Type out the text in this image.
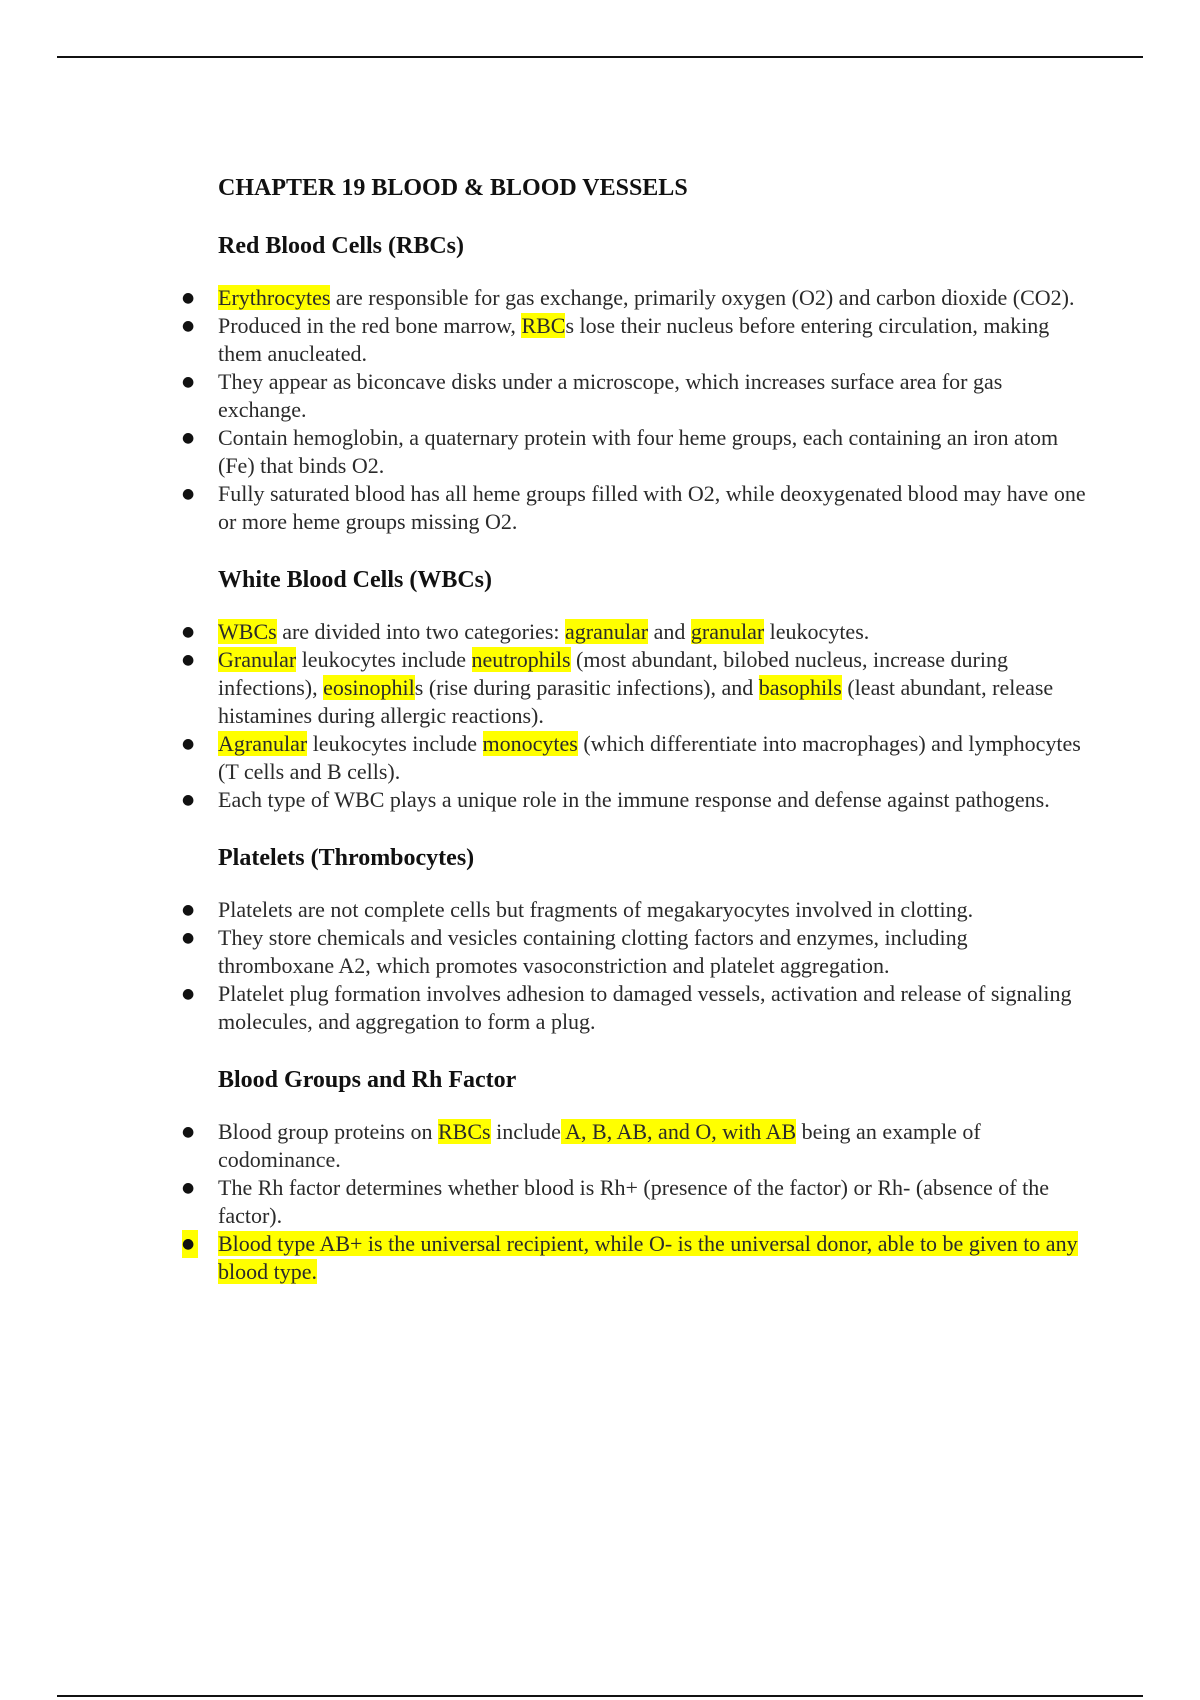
CHAPTER 19 BLOOD & BLOOD VESSELS
Red Blood Cells (RBCs)
● Erythrocytes are responsible for gas exchange, primarily oxygen (O2) and carbon dioxide (CO2).
● Produced in the red bone marrow, RBCs lose their nucleus before entering circulation, making them anucleated.
● They appear as biconcave disks under a microscope, which increases surface area for gas exchange.
● Contain hemoglobin, a quaternary protein with four heme groups, each containing an iron atom (Fe) that binds O2.
● Fully saturated blood has all heme groups filled with O2, while deoxygenated blood may have one or more heme groups missing O2.
White Blood Cells (WBCs)
● WBCs are divided into two categories: agranular and granular leukocytes.
● Granular leukocytes include neutrophils (most abundant, bilobed nucleus, increase during infections), eosinophils (rise during parasitic infections), and basophils (least abundant, release histamines during allergic reactions).
● Agranular leukocytes include monocytes (which differentiate into macrophages) and lymphocytes (T cells and B cells).
● Each type of WBC plays a unique role in the immune response and defense against pathogens.
Platelets (Thrombocytes)
● Platelets are not complete cells but fragments of megakaryocytes involved in clotting.
● They store chemicals and vesicles containing clotting factors and enzymes, including thromboxane A2, which promotes vasoconstriction and platelet aggregation.
● Platelet plug formation involves adhesion to damaged vessels, activation and release of signaling molecules, and aggregation to form a plug.
Blood Groups and Rh Factor
● Blood group proteins on RBCs include A, B, AB, and O, with AB being an example of codominance.
● The Rh factor determines whether blood is Rh+ (presence of the factor) or Rh- (absence of the factor).
● Blood type AB+ is the universal recipient, while O- is the universal donor, able to be given to any blood type.
